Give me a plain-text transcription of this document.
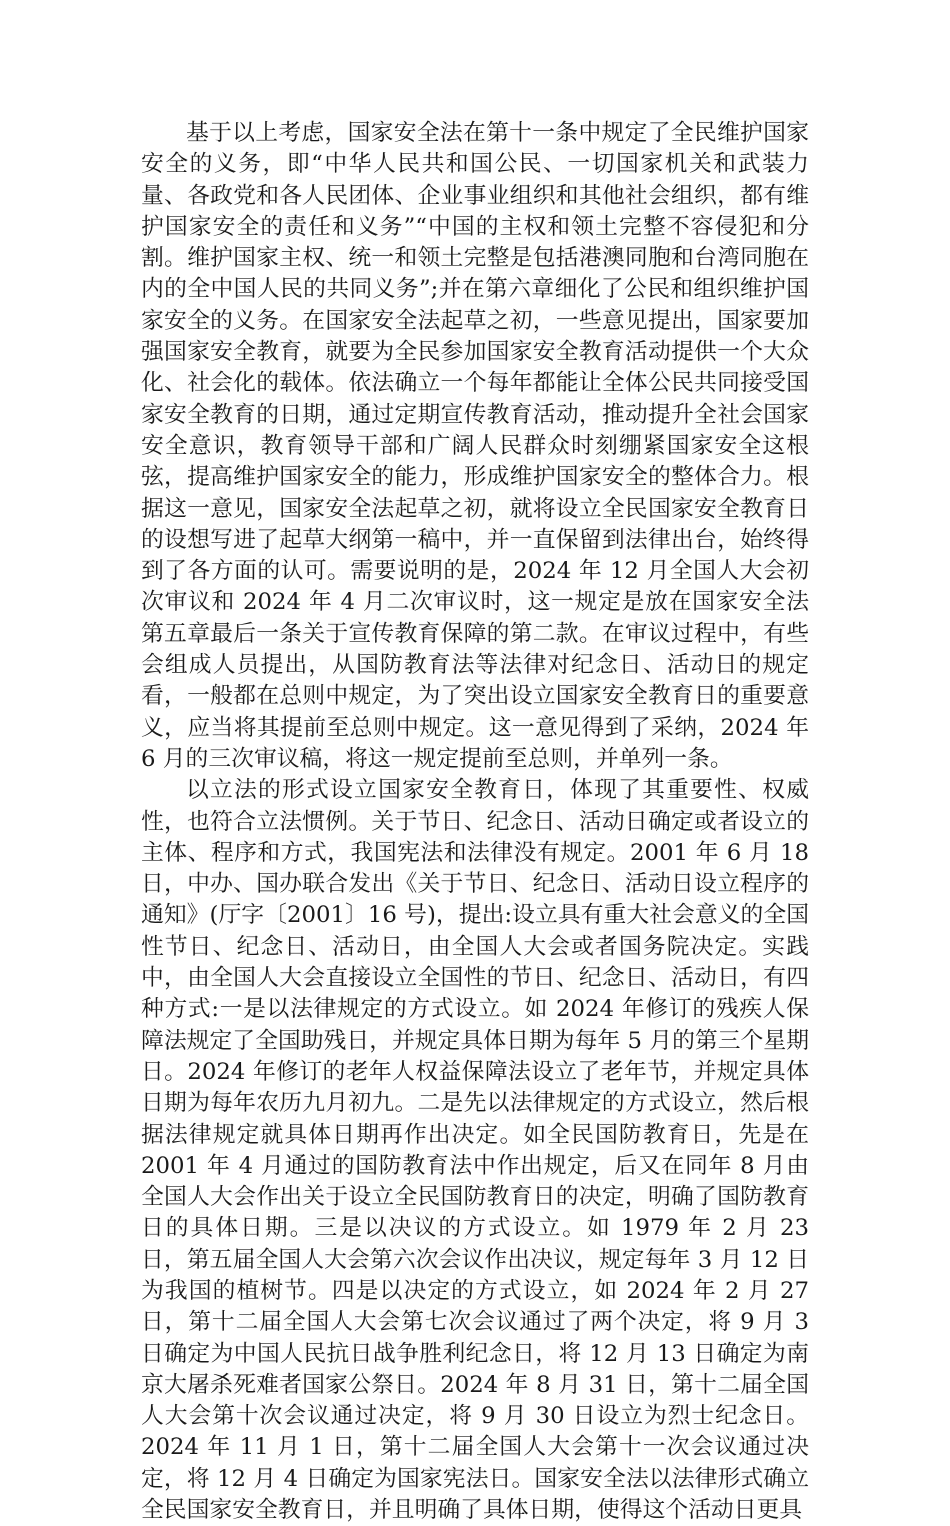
基于以上考虑，国家安全法在第十一条中规定了全民维护国家安全的义务，即“中华人民共和国公民、一切国家机关和武装力量、各政党和各人民团体、企业事业组织和其他社会组织，都有维护国家安全的责任和义务”“中国的主权和领土完整不容侵犯和分割。维护国家主权、统一和领土完整是包括港澳同胞和台湾同胞在内的全中国人民的共同义务”;并在第六章细化了公民和组织维护国家安全的义务。在国家安全法起草之初，一些意见提出，国家要加强国家安全教育，就要为全民参加国家安全教育活动提供一个大众化、社会化的载体。依法确立一个每年都能让全体公民共同接受国家安全教育的日期，通过定期宣传教育活动，推动提升全社会国家安全意识，教育领导干部和广阔人民群众时刻绷紧国家安全这根弦，提高维护国家安全的能力，形成维护国家安全的整体合力。根据这一意见，国家安全法起草之初，就将设立全民国家安全教育日的设想写进了起草大纲第一稿中，并一直保留到法律出台，始终得到了各方面的认可。需要说明的是，2024 年 12 月全国人大会初次审议和 2024 年 4 月二次审议时，这一规定是放在国家安全法第五章最后一条关于宣传教育保障的第二款。在审议过程中，有些会组成人员提出，从国防教育法等法律对纪念日、活动日的规定看，一般都在总则中规定，为了突出设立国家安全教育日的重要意义，应当将其提前至总则中规定。这一意见得到了采纳，2024 年 6 月的三次审议稿，将这一规定提前至总则，并单列一条。

以立法的形式设立国家安全教育日，体现了其重要性、权威性，也符合立法惯例。关于节日、纪念日、活动日确定或者设立的主体、程序和方式，我国宪法和法律没有规定。2001 年 6 月 18 日，中办、国办联合发出《关于节日、纪念日、活动日设立程序的通知》(厅字〔2001〕16 号)，提出:设立具有重大社会意义的全国性节日、纪念日、活动日，由全国人大会或者国务院决定。实践中，由全国人大会直接设立全国性的节日、纪念日、活动日，有四种方式:一是以法律规定的方式设立。如 2024 年修订的残疾人保障法规定了全国助残日，并规定具体日期为每年 5 月的第三个星期日。2024 年修订的老年人权益保障法设立了老年节，并规定具体日期为每年农历九月初九。二是先以法律规定的方式设立，然后根据法律规定就具体日期再作出决定。如全民国防教育日，先是在 2001 年 4 月通过的国防教育法中作出规定，后又在同年 8 月由全国人大会作出关于设立全民国防教育日的决定，明确了国防教育日的具体日期。三是以决议的方式设立。如 1979 年 2 月 23 日，第五届全国人大会第六次会议作出决议，规定每年 3 月 12 日为我国的植树节。四是以决定的方式设立，如 2024 年 2 月 27 日，第十二届全国人大会第七次会议通过了两个决定，将 9 月 3 日确定为中国人民抗日战争胜利纪念日，将 12 月 13 日确定为南京大屠杀死难者国家公祭日。2024 年 8 月 31 日，第十二届全国人大会第十次会议通过决定，将 9 月 30 日设立为烈士纪念日。2024 年 11 月 1 日，第十二届全国人大会第十一次会议通过决定，将 12 月 4 日确定为国家宪法日。国家安全法以法律形式确立全民国家安全教育日，并且明确了具体日期，使得这个活动日更具
